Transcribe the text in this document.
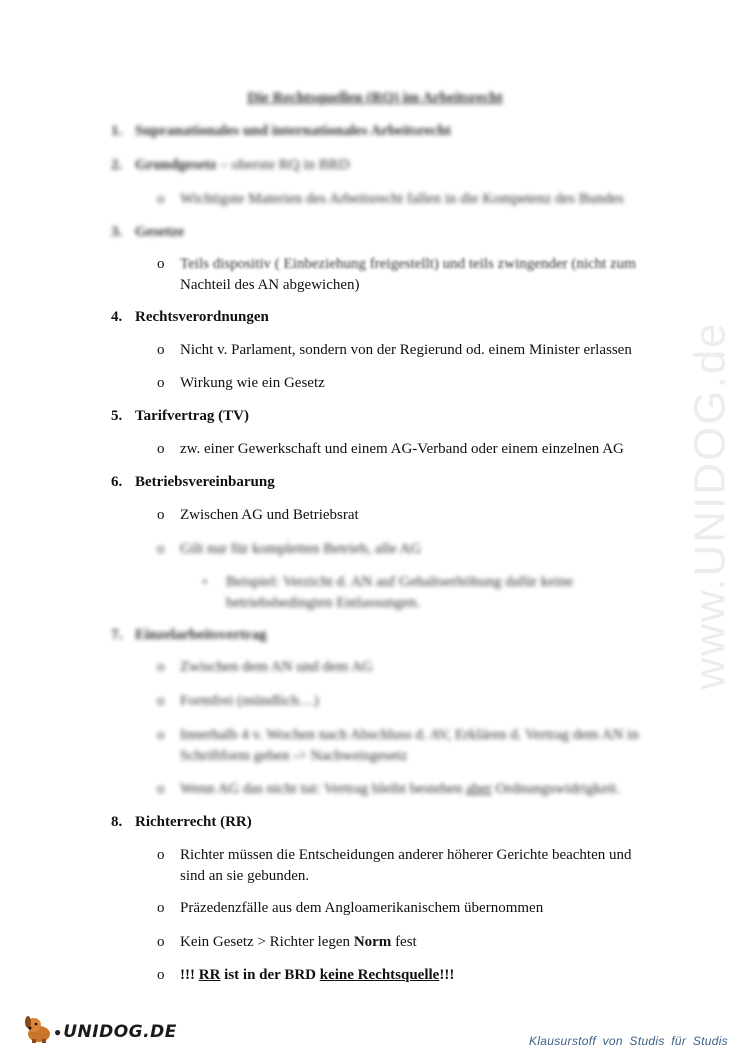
www.UNIDOG.de
Die Rechtsquellen (RQ) im Arbeitsrecht
1. Supranationales und internationales Arbeitsrecht
2. Grundgesetz – oberste RQ in BRD
o Wichtigste Materien des Arbeitsrecht fallen in die Kompetenz des Bundes
3. Gesetze
o Teils dispositiv ( Einbeziehung freigestellt) und teils zwingender (nicht zum
Nachteil des AN abgewichen)
4. Rechtsverordnungen
o Nicht v. Parlament, sondern von der Regierund od. einem Minister erlassen
o Wirkung wie ein Gesetz
5. Tarifvertrag (TV)
o zw. einer Gewerkschaft und einem AG-Verband oder einem einzelnen AG
6. Betriebsvereinbarung
o Zwischen AG und Betriebsrat
o Gilt nur für kompletten Betrieb, alle AG
▪ Beispiel: Verzicht d. AN auf Gehaltserhöhung dafür keine
betriebsbedingten Entlassungen.
7. Einzelarbeitsvertrag
o Zwischen dem AN und dem AG
o Formfrei (mündlich…)
o Innerhalb 4 v. Wochen nach Abschluss d. AV, Erklären d. Vertrag dem AN in
Schriftform geben -> Nachweisgesetz
o Wenn AG das nicht tut: Vertrag bleibt bestehen aber Ordnungswidrigkeit.
8. Richterrecht (RR)
o Richter müssen die Entscheidungen anderer höherer Gerichte beachten und
sind an sie gebunden.
o Präzedenzfälle aus dem Angloamerikanischem übernommen
o Kein Gesetz > Richter legen Norm fest
o !!! RR ist in der BRD keine Rechtsquelle!!!
● UNIDOG.DE	Klausurstoff von Studis für Studis
